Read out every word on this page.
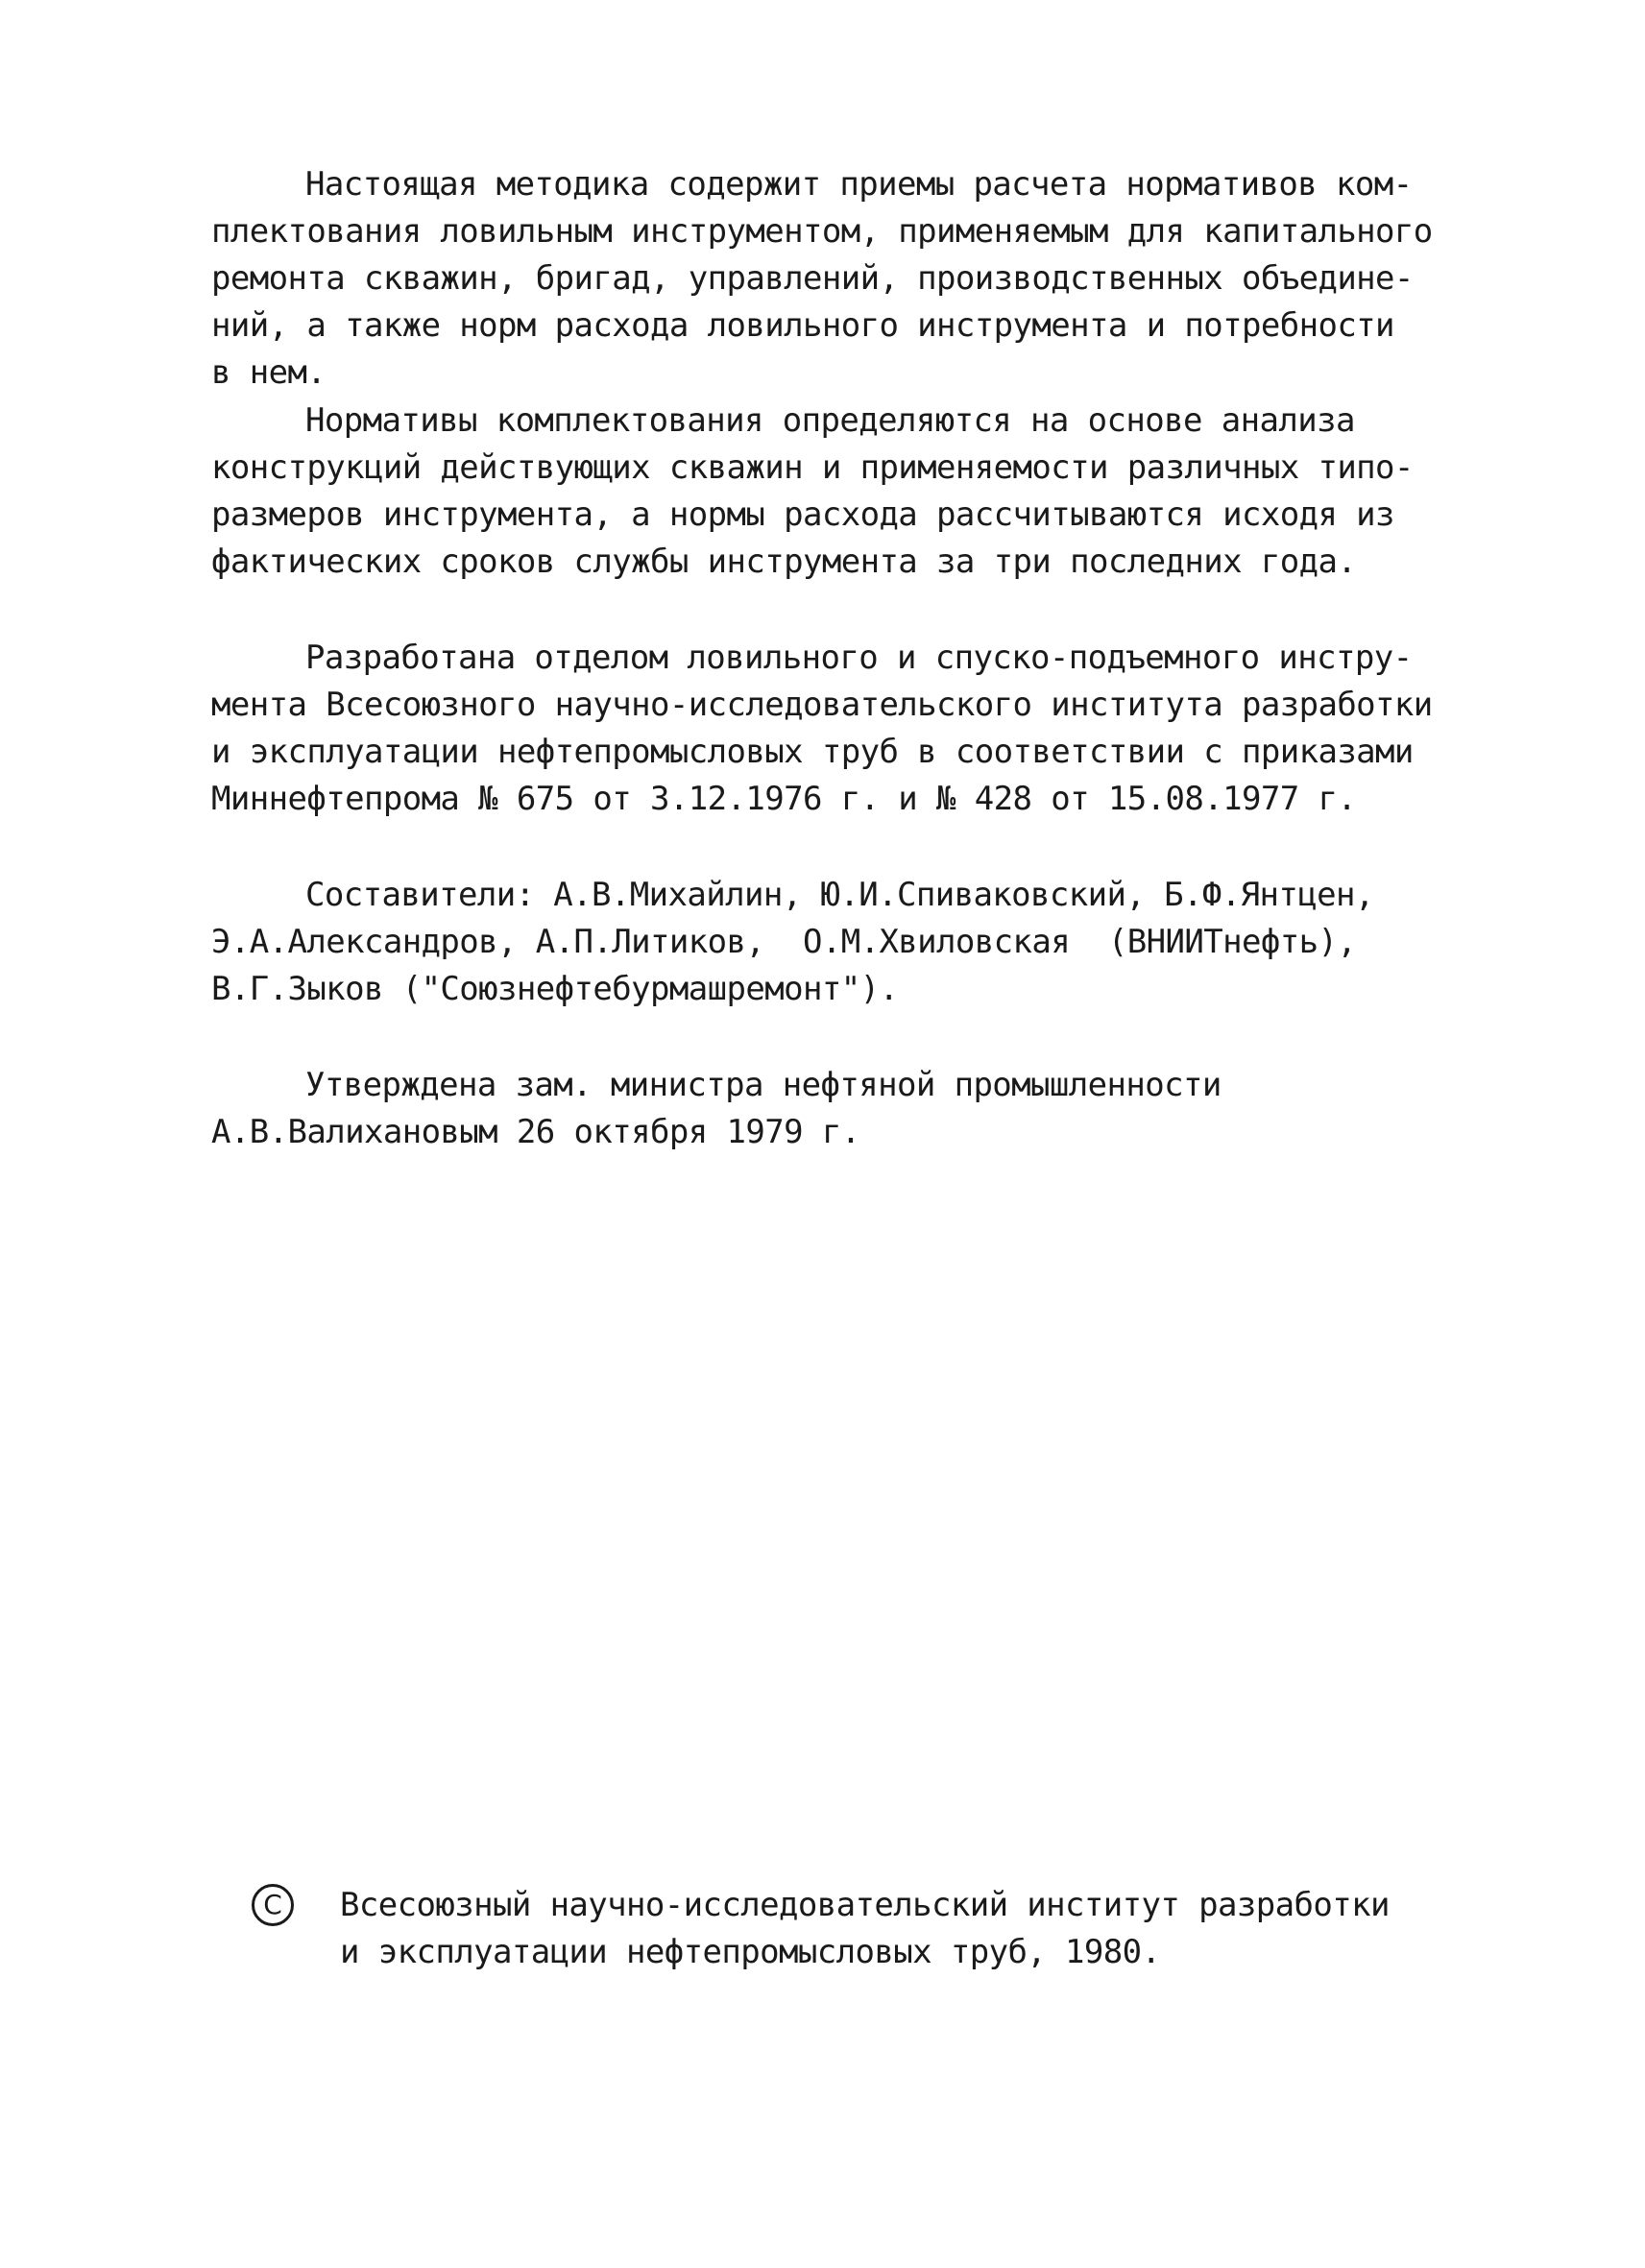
Настоящая методика содержит приемы расчета нормативов ком-
плектования ловильным инструментом, применяемым для капитального
ремонта скважин, бригад, управлений, производственных объедине-
ний, а также норм расхода ловильного инструмента и потребности
в нем.
Нормативы комплектования определяются на основе анализа
конструкций действующих скважин и применяемости различных типо-
размеров инструмента, а нормы расхода рассчитываются исходя из
фактических сроков службы инструмента за три последних года.
Разработана отделом ловильного и спуско-подъемного инстру-
мента Всесоюзного научно-исследовательского института разработки
и эксплуатации нефтепромысловых труб в соответствии с приказами
Миннефтепрома № 675 от 3.12.1976 г. и № 428 от 15.08.1977 г.
Составители: А.В.Михайлин, Ю.И.Спиваковский, Б.Ф.Янтцен,
Э.А.Александров, А.П.Литиков,  О.М.Хвиловская  (ВНИИТнефть),
В.Г.Зыков ("Союзнефтебурмашремонт").
Утверждена зам. министра нефтяной промышленности
А.В.Валихановым 26 октября 1979 г.
C	Всесоюзный научно-исследовательский институт разработки
и эксплуатации нефтепромысловых труб, 1980.
